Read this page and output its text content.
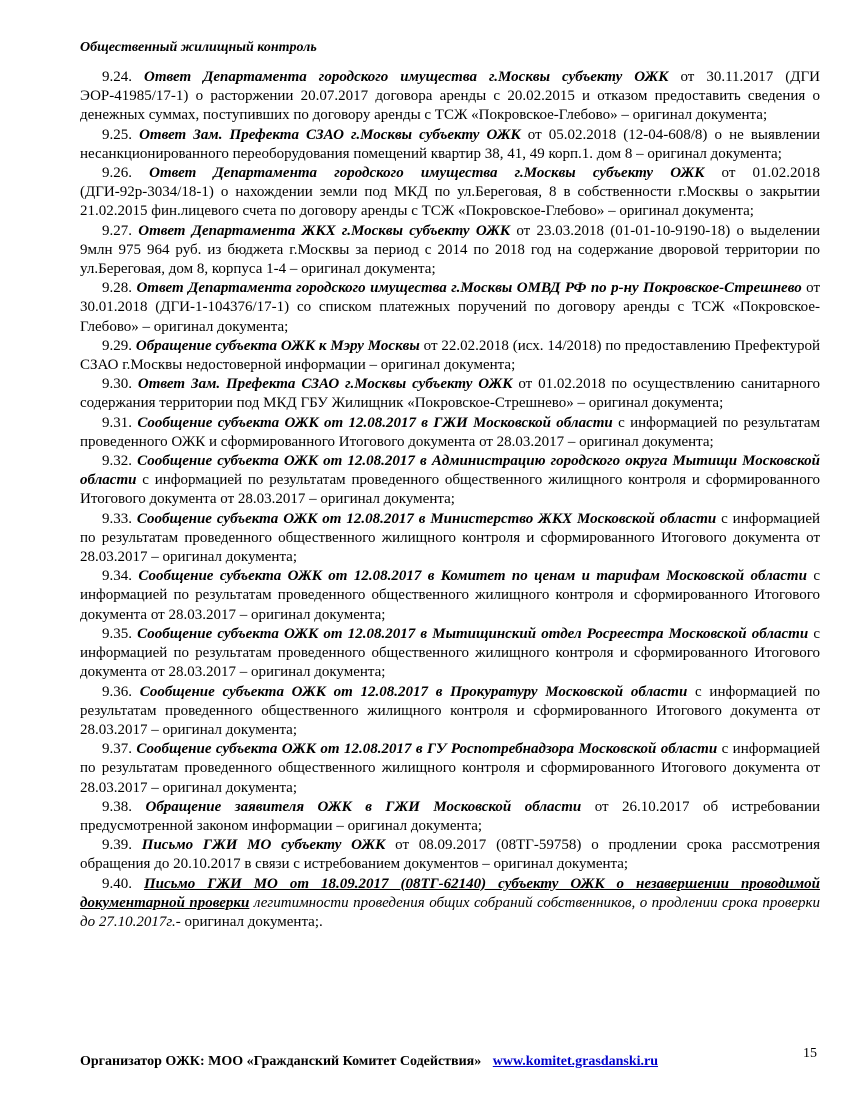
Общественный жилищный контроль

9.24. Ответ Департамента городского имущества г.Москвы субъекту ОЖК от 30.11.2017 (ДГИ ЭОР-41985/17-1) о расторжении 20.07.2017 договора аренды с 20.02.2015 и отказом предоставить сведения о денежных суммах, поступивших по договору аренды с ТСЖ «Покровское-Глебово» – оригинал документа;

9.25. Ответ Зам. Префекта СЗАО г.Москвы субъекту ОЖК от 05.02.2018 (12-04-608/8) о не выявлении несанкционированного переоборудования помещений квартир 38, 41, 49 корп.1. дом 8 – оригинал документа;

9.26. Ответ Департамента городского имущества г.Москвы субъекту ОЖК от 01.02.2018 (ДГИ-92р-3034/18-1) о нахождении земли под МКД по ул.Береговая, 8 в собственности г.Москвы о закрытии 21.02.2015 фин.лицевого счета по договору аренды с ТСЖ «Покровское-Глебово» – оригинал документа;

9.27. Ответ Департамента ЖКХ г.Москвы субъекту ОЖК от 23.03.2018 (01-01-10-9190-18) о выделении 9млн 975 964 руб. из бюджета г.Москвы за период с 2014 по 2018 год на содержание дворовой территории по ул.Береговая, дом 8, корпуса 1-4 – оригинал документа;

9.28. Ответ Департамента городского имущества г.Москвы ОМВД РФ по р-ну Покровское-Стрешнево от 30.01.2018 (ДГИ-1-104376/17-1) со списком платежных поручений по договору аренды с ТСЖ «Покровское-Глебово» – оригинал документа;

9.29. Обращение субъекта ОЖК к Мэру Москвы от 22.02.2018 (исх. 14/2018) по предоставлению Префектурой СЗАО г.Москвы недостоверной информации – оригинал документа;

9.30. Ответ Зам. Префекта СЗАО г.Москвы субъекту ОЖК от 01.02.2018 по осуществлению санитарного содержания территории под МКД ГБУ Жилищник «Покровское-Стрешнево» – оригинал документа;

9.31. Сообщение субъекта ОЖК от 12.08.2017 в ГЖИ Московской области с информацией по результатам проведенного ОЖК и сформированного Итогового документа от 28.03.2017 – оригинал документа;

9.32. Сообщение субъекта ОЖК от 12.08.2017 в Администрацию городского округа Мытищи Московской области с информацией по результатам проведенного общественного жилищного контроля и сформированного Итогового документа от 28.03.2017 – оригинал документа;

9.33. Сообщение субъекта ОЖК от 12.08.2017 в Министерство ЖКХ Московской области с информацией по результатам проведенного общественного жилищного контроля и сформированного Итогового документа от 28.03.2017 – оригинал документа;

9.34. Сообщение субъекта ОЖК от 12.08.2017 в Комитет по ценам и тарифам Московской области с информацией по результатам проведенного общественного жилищного контроля и сформированного Итогового документа от 28.03.2017 – оригинал документа;

9.35. Сообщение субъекта ОЖК от 12.08.2017 в Мытищинский отдел Росреестра Московской области с информацией по результатам проведенного общественного жилищного контроля и сформированного Итогового документа от 28.03.2017 – оригинал документа;

9.36. Сообщение субъекта ОЖК от 12.08.2017 в Прокуратуру Московской области с информацией по результатам проведенного общественного жилищного контроля и сформированного Итогового документа от 28.03.2017 – оригинал документа;

9.37. Сообщение субъекта ОЖК от 12.08.2017 в ГУ Роспотребнадзора Московской области с информацией по результатам проведенного общественного жилищного контроля и сформированного Итогового документа от 28.03.2017 – оригинал документа;

9.38. Обращение заявителя ОЖК в ГЖИ Московской области от 26.10.2017 об истребовании предусмотренной законом информации – оригинал документа;

9.39. Письмо ГЖИ МО субъекту ОЖК от 08.09.2017 (08ТГ-59758) о продлении срока рассмотрения обращения до 20.10.2017 в связи с истребованием документов – оригинал документа;

9.40. Письмо ГЖИ МО от 18.09.2017 (08ТГ-62140) субъекту ОЖК о незавершении проводимой документарной проверки легитимности проведения общих собраний собственников, о продлении срока проверки до 27.10.2017г.- оригинал документа;.

Организатор ОЖК: МОО «Гражданский Комитет Содействия» www.komitet.grasdanski.ru
15
